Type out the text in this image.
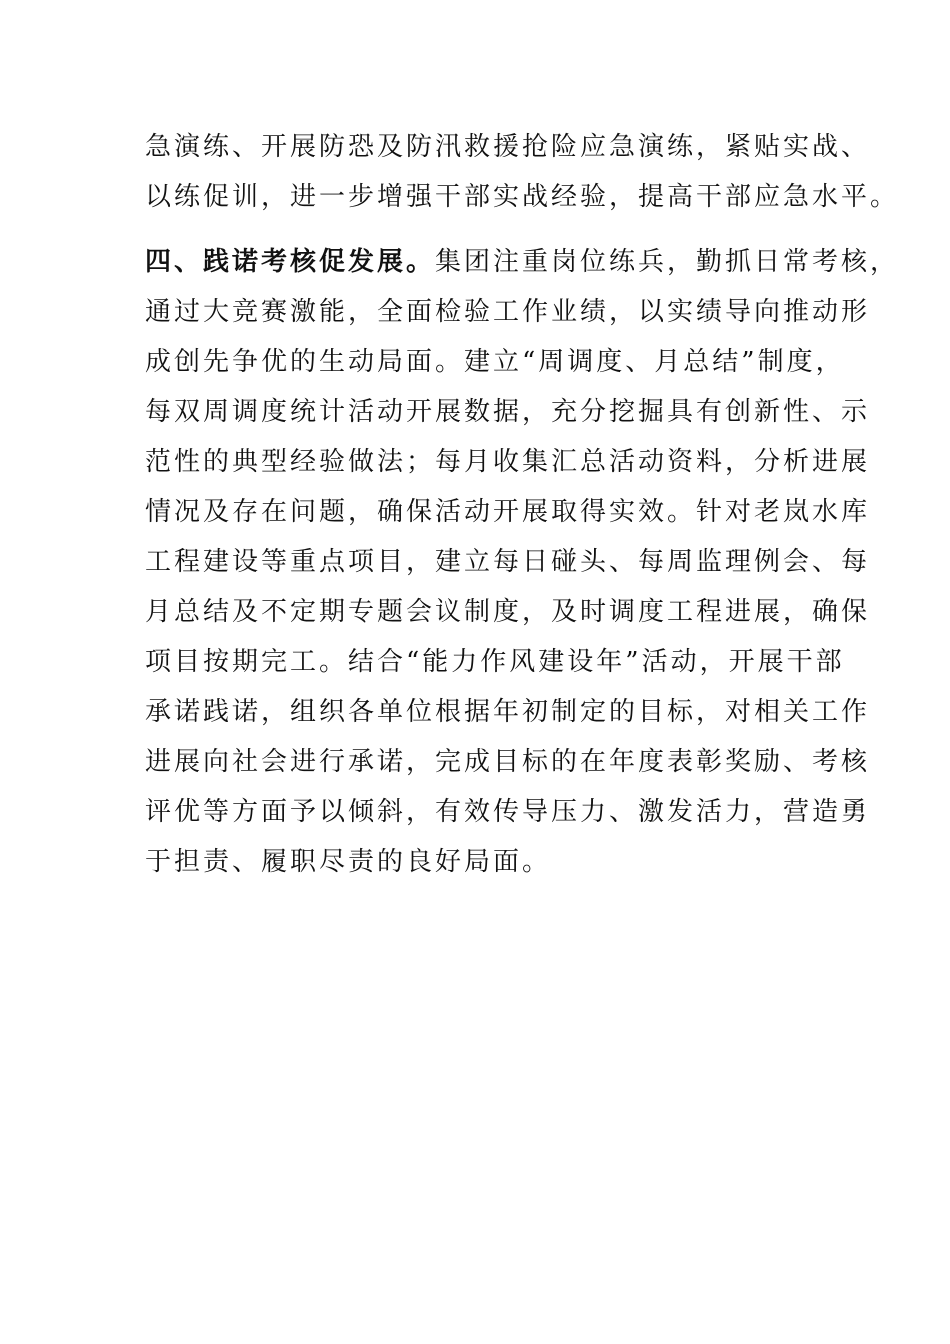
急演练、开展防恐及防汛救援抢险应急演练，紧贴实战、
以练促训，进一步增强干部实战经验，提高干部应急水平。
四、践诺考核促发展。集团注重岗位练兵，勤抓日常考核，
通过大竞赛激能，全面检验工作业绩，以实绩导向推动形
成创先争优的生动局面。建立“周调度、月总结”制度，
每双周调度统计活动开展数据，充分挖掘具有创新性、示
范性的典型经验做法；每月收集汇总活动资料，分析进展
情况及存在问题，确保活动开展取得实效。针对老岚水库
工程建设等重点项目，建立每日碰头、每周监理例会、每
月总结及不定期专题会议制度，及时调度工程进展，确保
项目按期完工。结合“能力作风建设年”活动，开展干部
承诺践诺，组织各单位根据年初制定的目标，对相关工作
进展向社会进行承诺，完成目标的在年度表彰奖励、考核
评优等方面予以倾斜，有效传导压力、激发活力，营造勇
于担责、履职尽责的良好局面。
